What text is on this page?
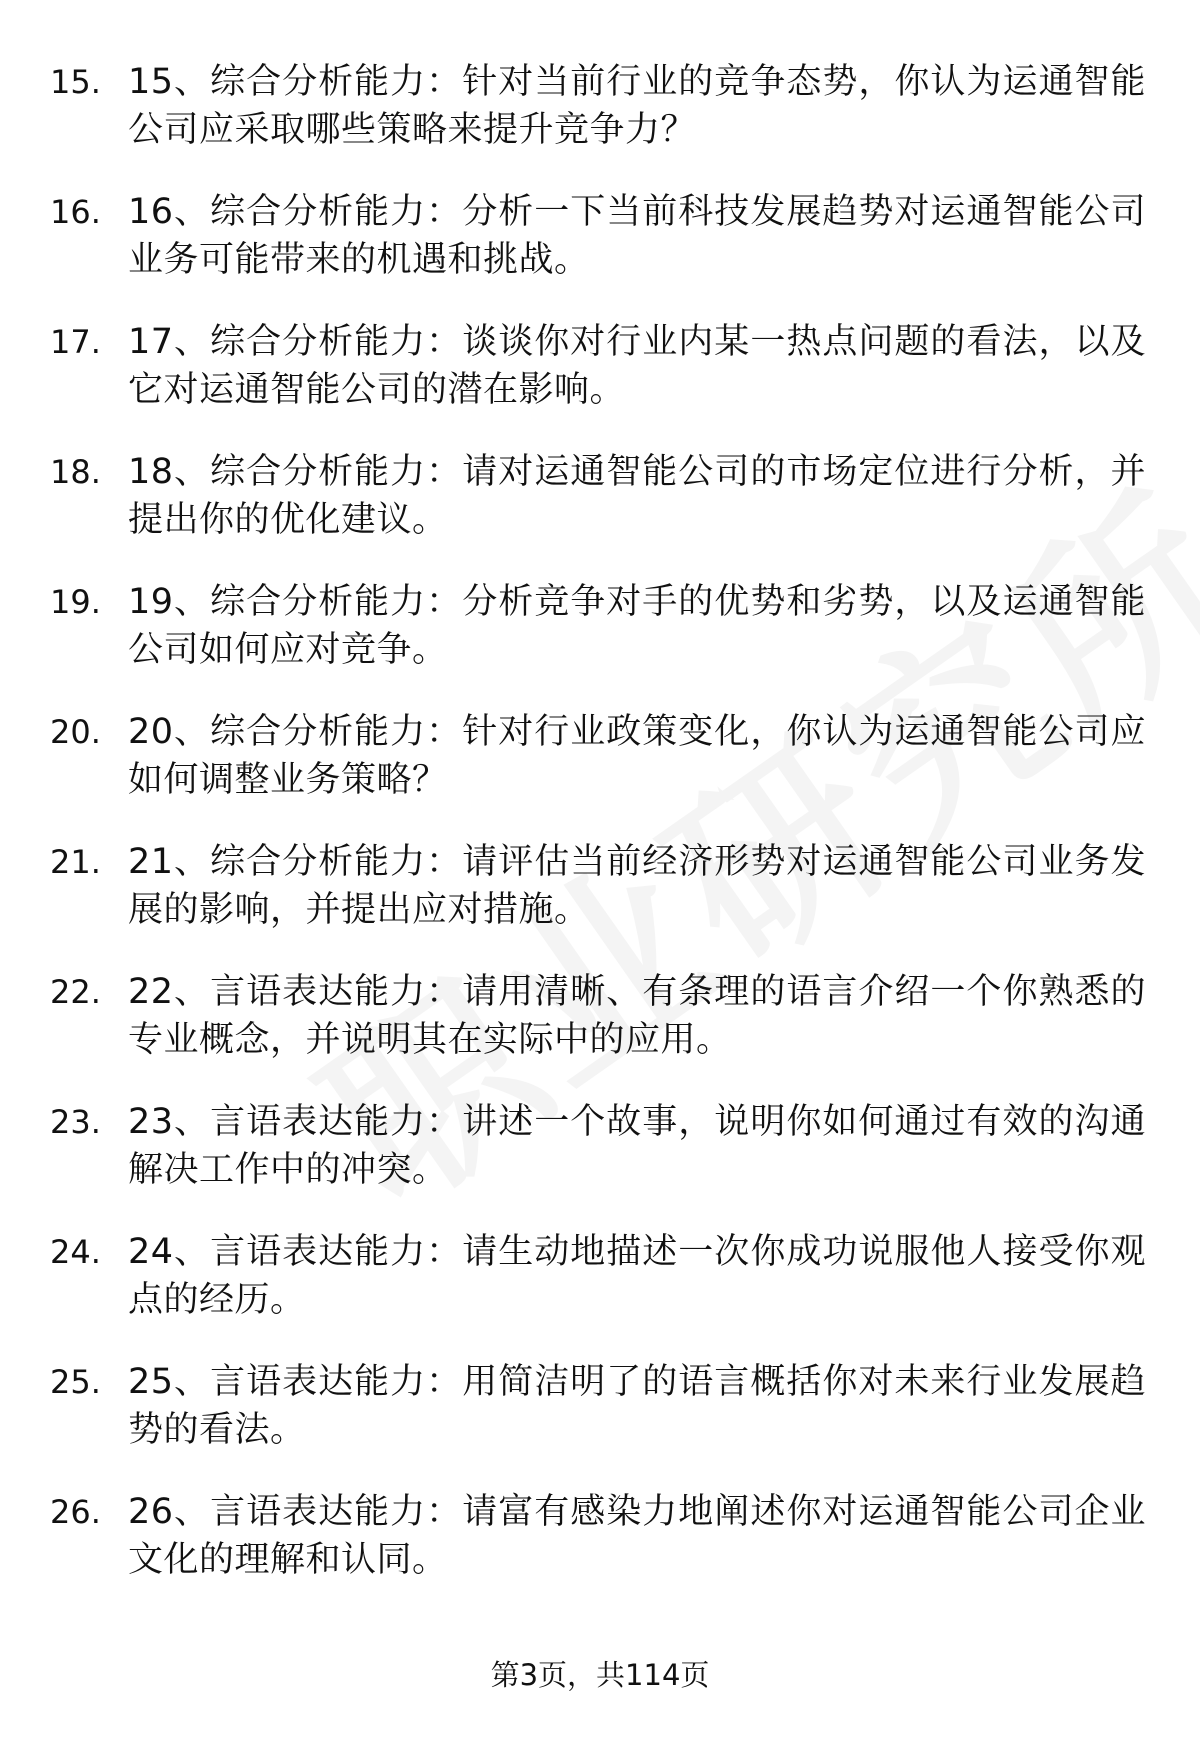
15. 15、综合分析能力：针对当前行业的竞争态势，你认为运通智能公司应采取哪些策略来提升竞争力？
16. 16、综合分析能力：分析一下当前科技发展趋势对运通智能公司业务可能带来的机遇和挑战。
17. 17、综合分析能力：谈谈你对行业内某一热点问题的看法，以及它对运通智能公司的潜在影响。
18. 18、综合分析能力：请对运通智能公司的市场定位进行分析，并提出你的优化建议。
19. 19、综合分析能力：分析竞争对手的优势和劣势，以及运通智能公司如何应对竞争。
20. 20、综合分析能力：针对行业政策变化，你认为运通智能公司应如何调整业务策略？
21. 21、综合分析能力：请评估当前经济形势对运通智能公司业务发展的影响，并提出应对措施。
22. 22、言语表达能力：请用清晰、有条理的语言介绍一个你熟悉的专业概念，并说明其在实际中的应用。
23. 23、言语表达能力：讲述一个故事，说明你如何通过有效的沟通解决工作中的冲突。
24. 24、言语表达能力：请生动地描述一次你成功说服他人接受你观点的经历。
25. 25、言语表达能力：用简洁明了的语言概括你对未来行业发展趋势的看法。
26. 26、言语表达能力：请富有感染力地阐述你对运通智能公司企业文化的理解和认同。
第3页，共114页
